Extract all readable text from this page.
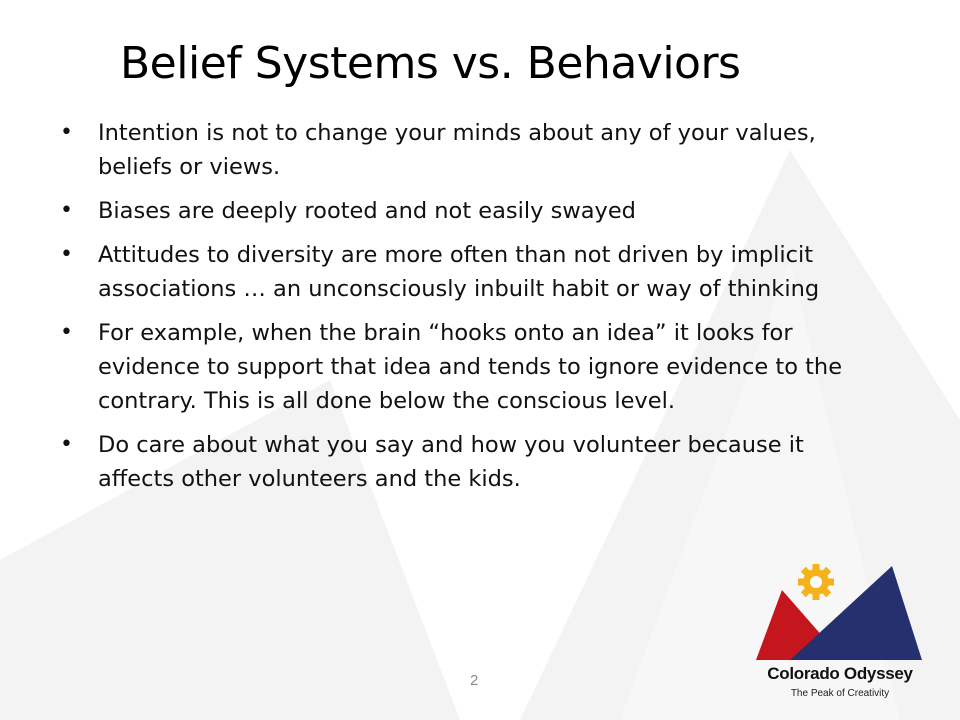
Belief Systems vs. Behaviors
• Intention is not to change your minds about any of your values, beliefs or views.
• Biases are deeply rooted and not easily swayed
• Attitudes to diversity are more often than not driven by implicit associations … an unconsciously inbuilt habit or way of thinking
• For example, when the brain “hooks onto an idea” it looks for evidence to support that idea and tends to ignore evidence to the contrary. This is all done below the conscious level.
• Do care about what you say and how you volunteer because it affects other volunteers and the kids.
2	Colorado Odyssey
The Peak of Creativity
